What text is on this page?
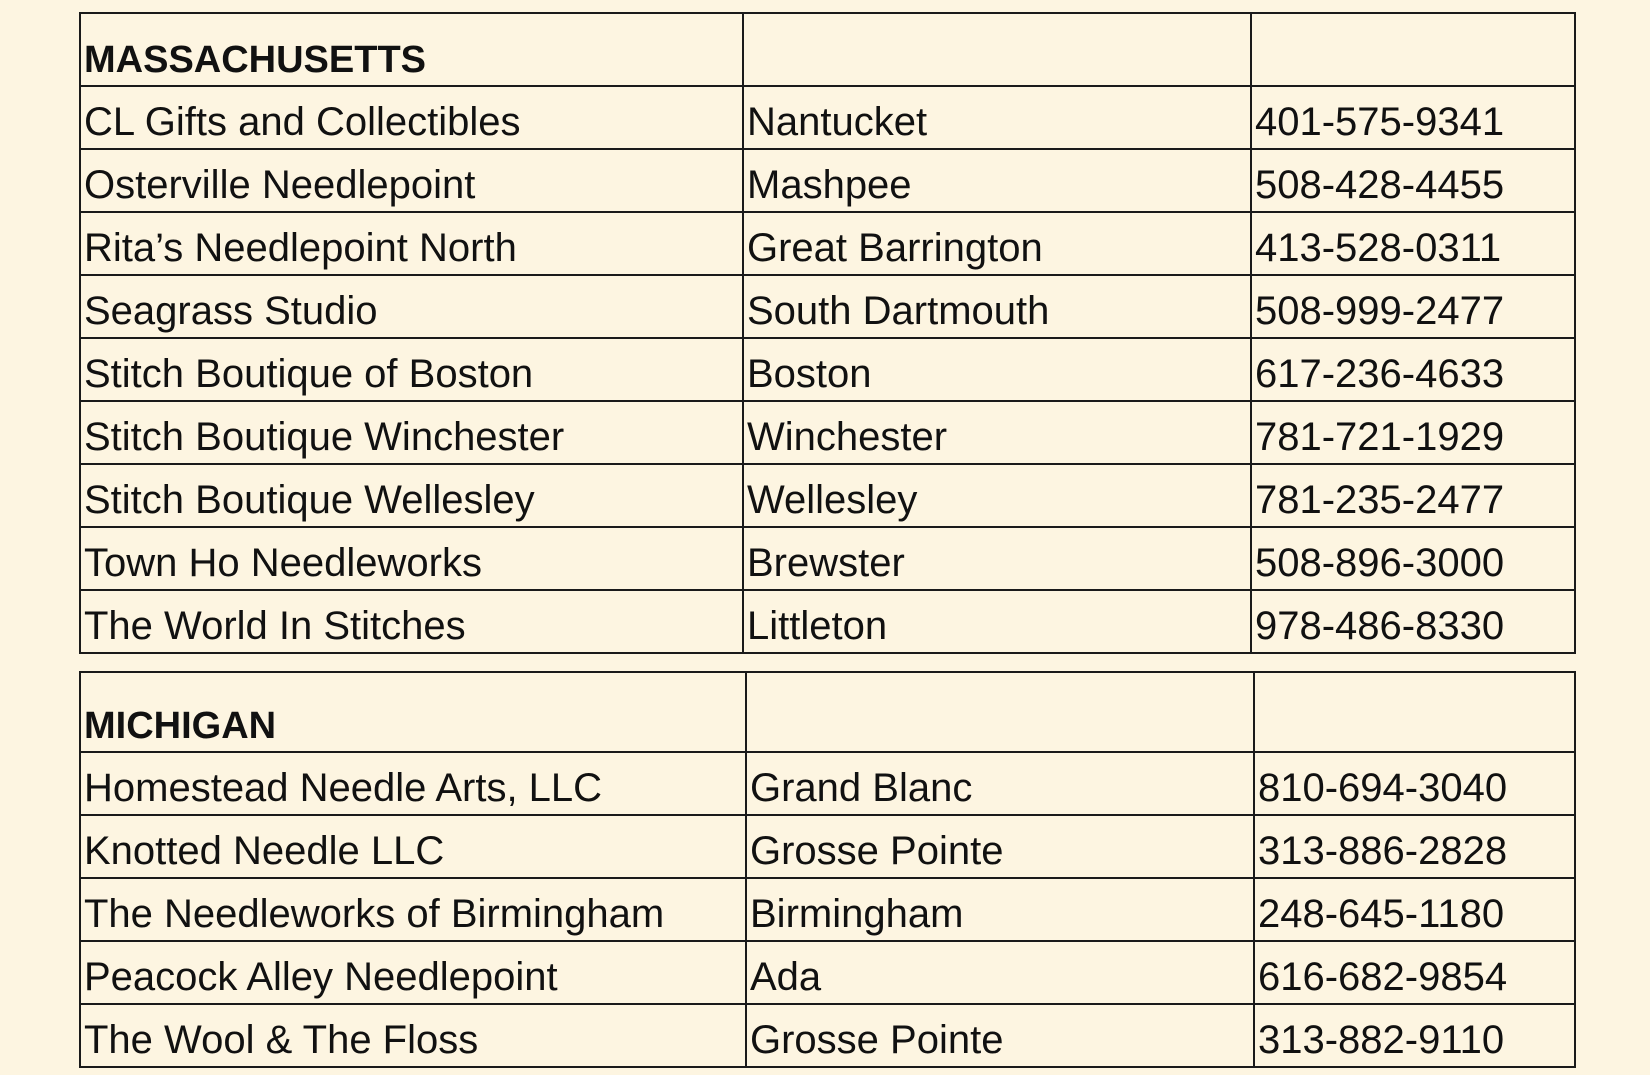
MASSACHUSETTS		
CL Gifts and Collectibles	Nantucket	401-575-9341
Osterville Needlepoint	Mashpee	508-428-4455
Rita’s Needlepoint North	Great Barrington	413-528-0311
Seagrass Studio	South Dartmouth	508-999-2477
Stitch Boutique of Boston	Boston	617-236-4633
Stitch Boutique Winchester	Winchester	781-721-1929
Stitch Boutique Wellesley	Wellesley	781-235-2477
Town Ho Needleworks	Brewster	508-896-3000
The World In Stitches	Littleton	978-486-8330
MICHIGAN		
Homestead Needle Arts, LLC	Grand Blanc	810-694-3040
Knotted Needle LLC	Grosse Pointe	313-886-2828
The Needleworks of Birmingham	Birmingham	248-645-1180
Peacock Alley Needlepoint	Ada	616-682-9854
The Wool & The Floss	Grosse Pointe	313-882-9110
